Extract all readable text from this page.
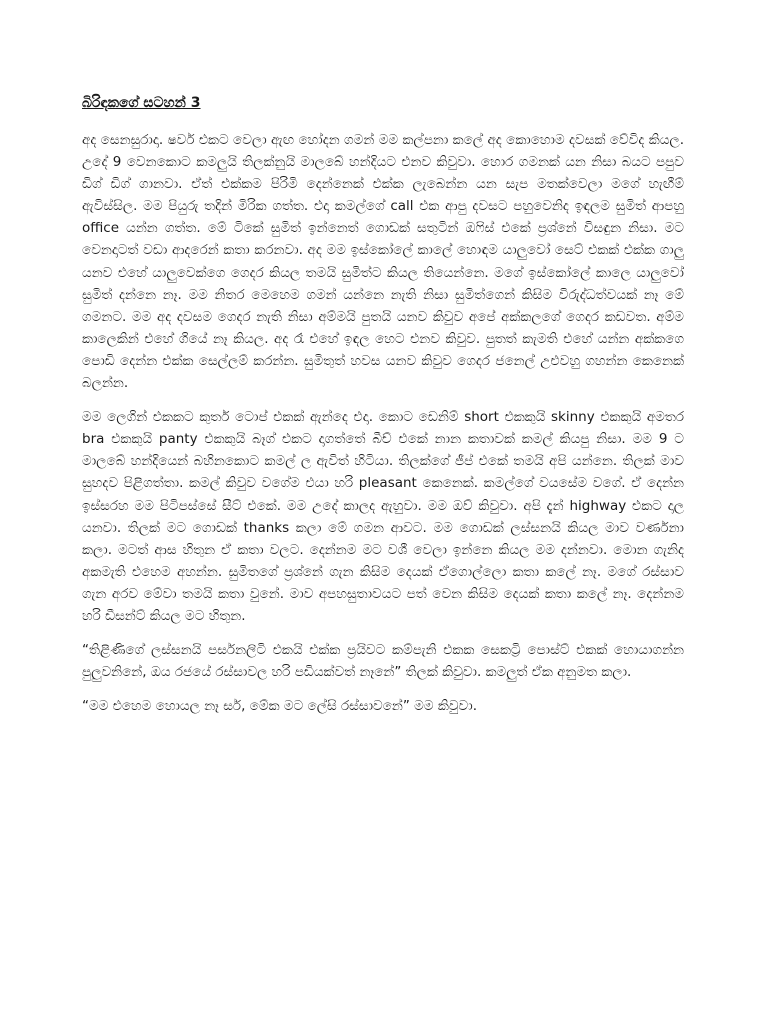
බිරිඳකගේ සටහන් 3

අද සෙනසුරාදා. ෂවර් එකට වෙලා ඇඟ හෝදන ගමන් මම කල්පනා කලේ අද කොහොම දවසක් වේවිද කියල. උදේ 9 වෙනකොට කමලුයි තිලක්නුයි මාලබේ හන්දියට එනව කිවුවා. හොර ගමනක් යන නිසා බයට පපුව ඩිග් ඩිග් ගානවා. ඒත් එක්කම පිරිමි දෙන්නෙක් එක්ක ලැබෙන්න යන සැප මතක්වෙලා මගේ හැඟීම් ඇවිස්සිල. මම පියුරු තදින් මිරික ගත්ත. එදා කමල්ගේ call එක ආපු දවසට පහුවෙනිද ඉඳලම සුමිත් ආපහු office යන්න ගත්ත. මේ ටිකේ සුමිත් ඉන්නෙත් ගොඩක් සතුටින් ඔෆිස් එකේ ප්‍රශ්නේ විසඳුන නිසා. මට වෙනදාටත් වඩා ආදරෙන් කතා කරනවා. අද මම ඉස්කෝලේ කාලේ හොඳම යාලුවෝ සෙට් එකක් එක්ක ගාලු යනව එහේ යාලුවෙක්ගෙ ගෙදර කියල තමයි සුමිත්ට කියල තියෙන්නෙ. මගේ ඉස්කෝලේ කාලෙ යාලුවෝ සුමිත් දන්නෙ නෑ. මම නිතර මෙහෙම ගමන් යන්නෙ නැති නිසා සුමිත්ගෙන් කිසිම විරුද්ධත්වයක් නෑ මේ ගමනට. මම අද දවසම ගෙදර නැති නිසා අම්මයි පුතයි යනව කිවුව අපේ අක්කලගේ ගෙදර කඩවත. අම්ම කාලෙකින් එහේ ගියේ නෑ කියල. අද රෑ එහේ ඉඳල හෙට එනව කිවුව. පුතත් කැමති එහේ යන්න අක්කගෙ පොඩි දෙන්න එක්ක සෙල්ලම් කරන්න. සුමිතුත් හවස යනව කිවුව ගෙදර ජනෙල් උළුවහු ගහන්න කෙනෙක් බලන්න.

මම ලෙගින් එකකට කුර්ත ටොප් එකක් ඇන්දෙ එදා. කොට ඩෙනිම් short එකකුයි skinny එකකුයි අමතර bra එකකුයි panty එකකුයි බෑග් එකට දාගත්තේ බීච් එකේ නාන කතාවක් කමල් කියපු නිසා. මම 9 ට මාලබේ හන්දියෙන් බහිනකොට කමල් ල ඇවිත් හිටියා. තිලක්ගේ ජීප් එකේ තමයි අපි යන්නෙ. තිලක් මාව සුහදව පිළිගත්තා. කමල් කිවුව වගේම එයා හරි pleasant කෙනෙක්. කමල්ගේ වයසේම වගේ. ඒ දෙන්න ඉස්සරහ මම පිටිපස්සේ සීට් එකේ. මම උදේ කාලද ඇහුවා. මම ඔව් කිවුවා. අපි දැන් highway එකට දාල යනවා. තිලක් මට ගොඩක් thanks කලා මේ ගමන ආවට. මම ගොඩක් ලස්සනයි කියල මාව වර්ණනා කලා. මටත් ආස හිතුන ඒ කතා වලට. දෙන්නම මට වශී වෙලා ඉන්නෙ කියල මම දන්නවා. මොන ගැනිද අකමැති එහෙම අහන්න. සුමිතගේ ප්‍රශ්නේ ගැන කිසිම දෙයක් ඒගොල්ලො කතා කලේ නෑ. මගේ රස්සාව ගැන අරව මේවා තමයි කතා වුනේ. මාව අපහසුතාවයට පත් වෙන කිසිම දෙයක් කතා කලේ නෑ. දෙන්නම හරි ඩීසන්ට් කියල මට හිතුන.

“තිළිණිගේ ලස්සනයි පර්සනලිටි එකයි එක්ක ප්‍රයිවට කම්පැනි එකක සෙකට්‍රි පොස්ට් එකක් හොයාගන්න පුලුවනිනේ, ඔය රජයේ රස්සාවල හරි පඩියක්වත් නෑනේ” තිලක් කිවුවා. කමලුත් ඒක අනුමත කලා.

“මම එහෙම හොයල නෑ සර්, මේක මට ලේසි රස්සාවනේ” මම කිවුවා.
